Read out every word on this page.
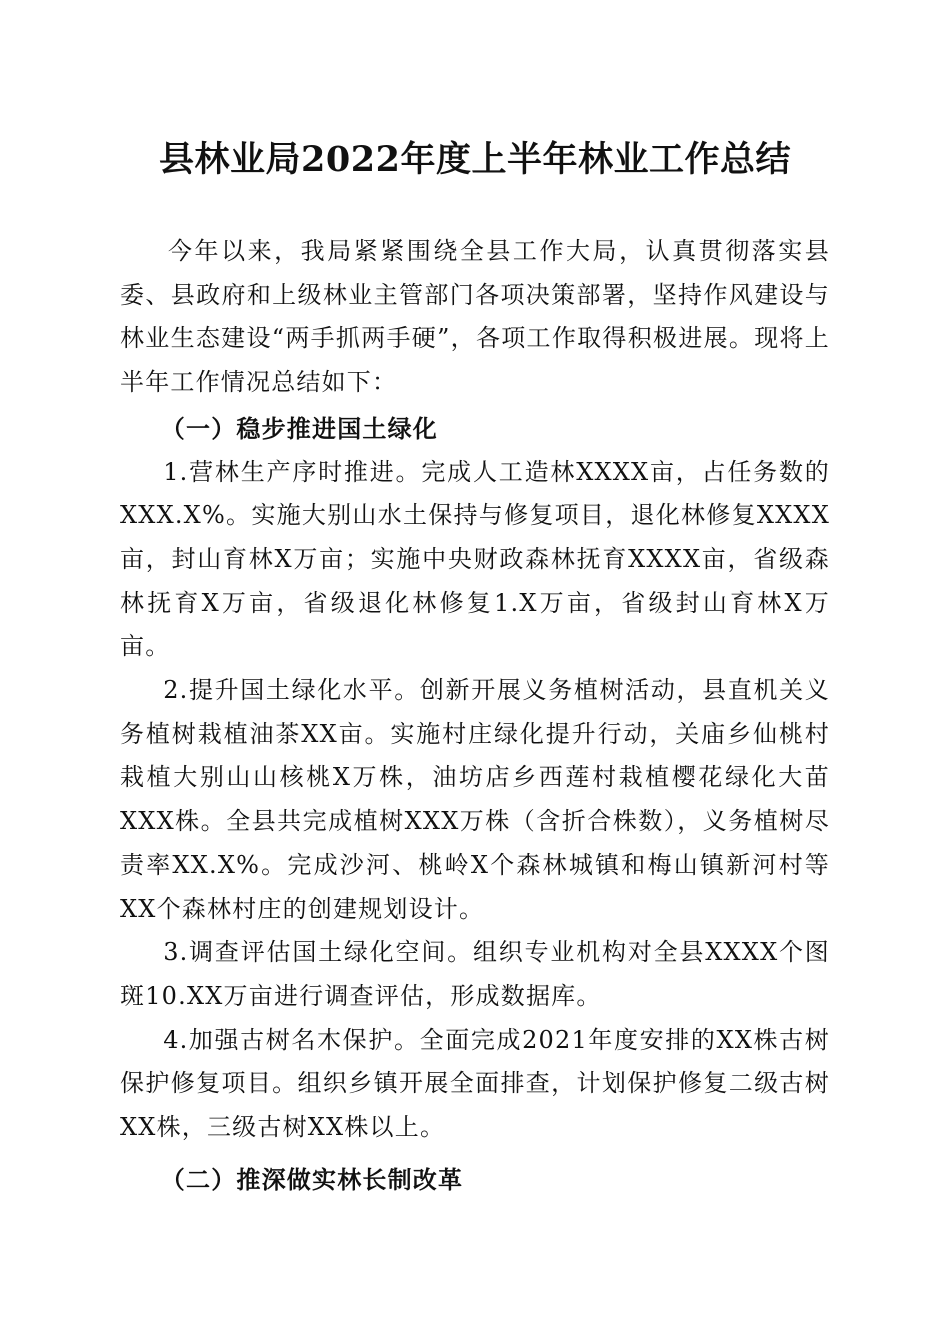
县林业局2022年度上半年林业工作总结

今年以来，我局紧紧围绕全县工作大局，认真贯彻落实县委、县政府和上级林业主管部门各项决策部署，坚持作风建设与林业生态建设“两手抓两手硬”，各项工作取得积极进展。现将上半年工作情况总结如下：

（一）稳步推进国土绿化

1.营林生产序时推进。完成人工造林XXXX亩，占任务数的XXX.X%。实施大别山水土保持与修复项目，退化林修复XXXX亩，封山育林X万亩；实施中央财政森林抚育XXXX亩，省级森林抚育X万亩，省级退化林修复1.X万亩，省级封山育林X万亩。

2.提升国土绿化水平。创新开展义务植树活动，县直机关义务植树栽植油茶XX亩。实施村庄绿化提升行动，关庙乡仙桃村栽植大别山山核桃X万株，油坊店乡西莲村栽植樱花绿化大苗XXX株。全县共完成植树XXX万株（含折合株数），义务植树尽责率XX.X%。完成沙河、桃岭X个森林城镇和梅山镇新河村等XX个森林村庄的创建规划设计。

3.调查评估国土绿化空间。组织专业机构对全县XXXX个图斑10.XX万亩进行调查评估，形成数据库。

4.加强古树名木保护。全面完成2021年度安排的XX株古树保护修复项目。组织乡镇开展全面排查，计划保护修复二级古树XX株，三级古树XX株以上。

（二）推深做实林长制改革
